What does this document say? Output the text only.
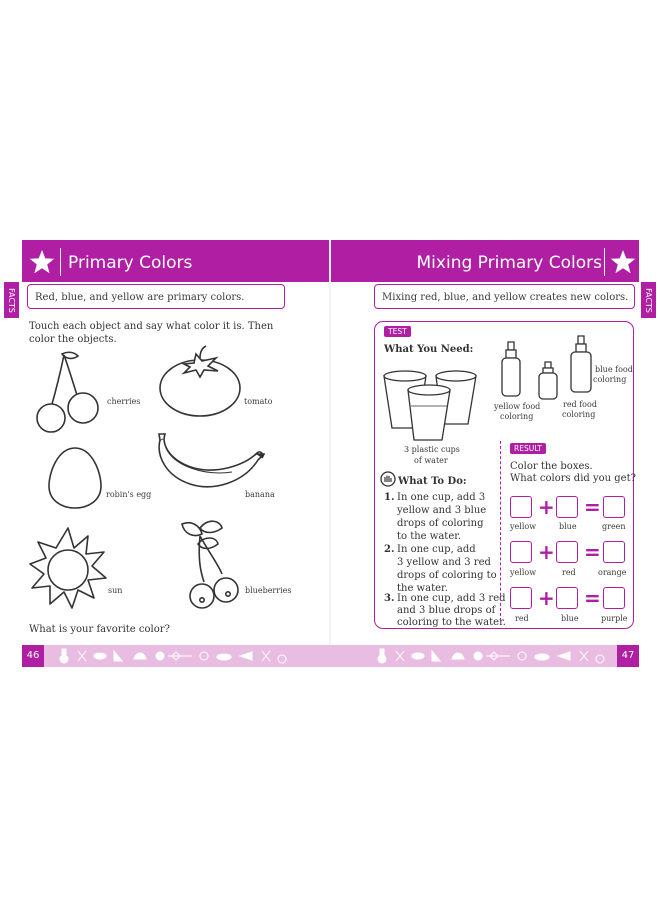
Primary Colors	Mixing Primary Colors
FACTS	FACTS
Red, blue, and yellow are primary colors.	Mixing red, blue, and yellow creates new colors.
Touch each object and say what color it is. Then color the objects.
cherries	tomato
robin's egg	banana
sun	blueberries
What is your favorite color?
TEST
What You Need:
3 plastic cups
of water
yellow food
coloring
red food
coloring
blue food
coloring
What To Do:
1. In one cup, add 3
yellow and 3 blue
drops of coloring
to the water.
2. In one cup, add
3 yellow and 3 red
drops of coloring to
the water.
3. In one cup, add 3 red
and 3 blue drops of
coloring to the water.
RESULT
Color the boxes.
What colors did you get?
+ =
yellow	blue	green
+ =
yellow	red	orange
+ =
red	blue	purple
46	47
